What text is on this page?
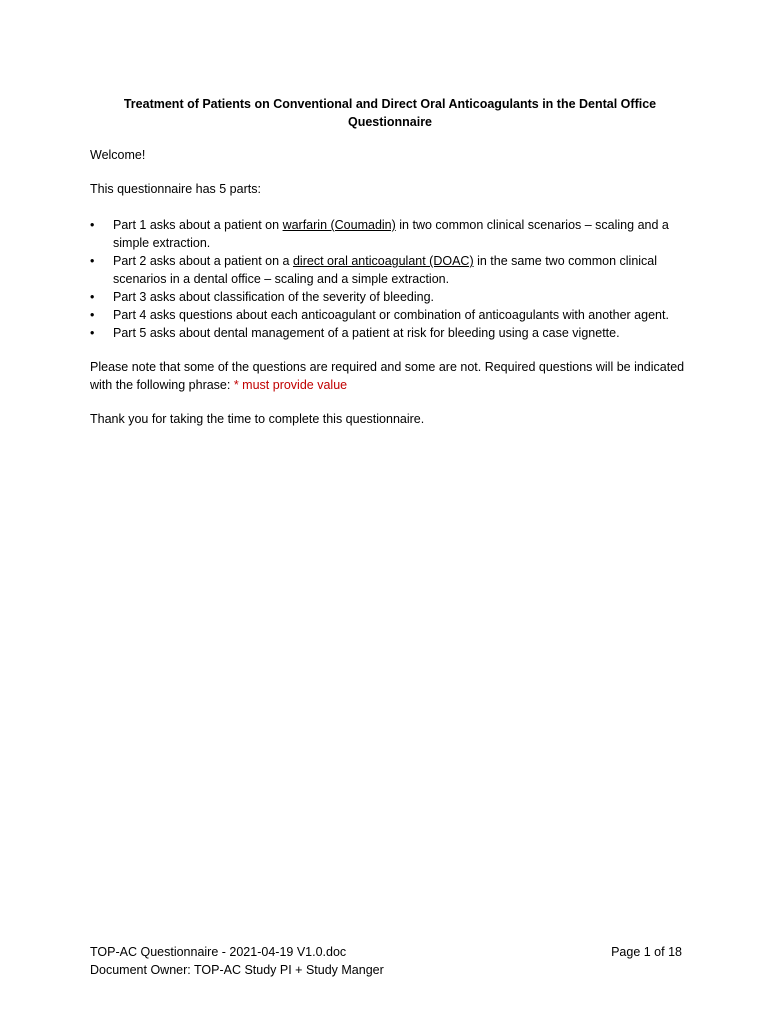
Treatment of Patients on Conventional and Direct Oral Anticoagulants in the Dental Office
Questionnaire
Welcome!
This questionnaire has 5 parts:
• Part 1 asks about a patient on warfarin (Coumadin) in two common clinical scenarios – scaling and a simple extraction.
• Part 2 asks about a patient on a direct oral anticoagulant (DOAC) in the same two common clinical scenarios in a dental office – scaling and a simple extraction.
• Part 3 asks about classification of the severity of bleeding.
• Part 4 asks questions about each anticoagulant or combination of anticoagulants with another agent.
• Part 5 asks about dental management of a patient at risk for bleeding using a case vignette.
Please note that some of the questions are required and some are not. Required questions will be indicated with the following phrase: * must provide value
Thank you for taking the time to complete this questionnaire.
TOP-AC Questionnaire - 2021-04-19 V1.0.doc
Document Owner: TOP-AC Study PI + Study Manger
Page 1 of 18
